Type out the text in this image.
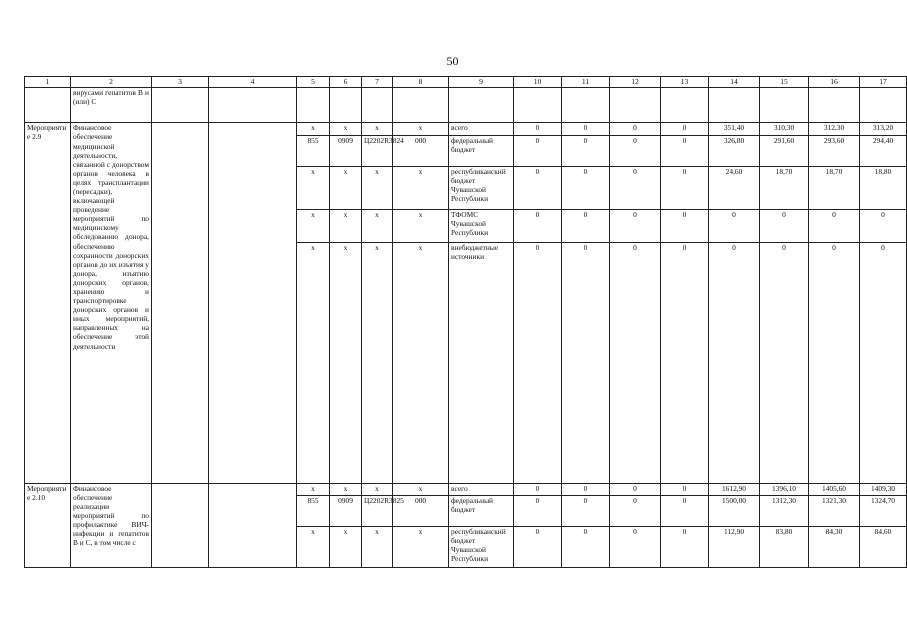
50
1	2	3	4	5	6	7	8	9	10	11	12	13	14	15	16	17
	вирусами гепатитов В и (или) С															
Мероприятие 2.9	Финансовое обеспечение медицинской деятельности, связанной с донорством органов человека в целях трансплантации (пересадки), включающей проведение мероприятий по медицинскому обследованию донора, обеспечению сохранности донорских органов до их изъятия у донора, изъятию донорских органов, хранению и транспортировке донорских органов и иных мероприятий, направленных на обеспечение этой деятельности			x	x	x	x	всего	0	0	0	0	351,40	310,30	312,30	313,20
				855	0909	Ц2202R3824	000	федеральный бюджет	0	0	0	0	326,80	291,60	293,60	294,40
				x	x	x	x	республиканский бюджет Чувашской Республики	0	0	0	0	24,60	18,70	18,70	18,80
				x	x	x	x	ТФОМС Чувашской Республики	0	0	0	0	0	0	0	0
				x	x	x	x	внебюджетные источники	0	0	0	0	0	0	0	0
Мероприятие 2.10	Финансовое обеспечение реализации мероприятий по профилактике ВИЧ-инфекции и гепатитов В и С, в том числе с			x	x	x	x	всего	0	0	0	0	1612,90	1396,10	1405,60	1409,30
				855	0909	Ц2202R3825	000	федеральный бюджет	0	0	0	0	1500,00	1312,30	1321,30	1324,70
				x	x	x	x	республиканский бюджет Чувашской Республики	0	0	0	0	112,90	83,80	84,30	84,60
